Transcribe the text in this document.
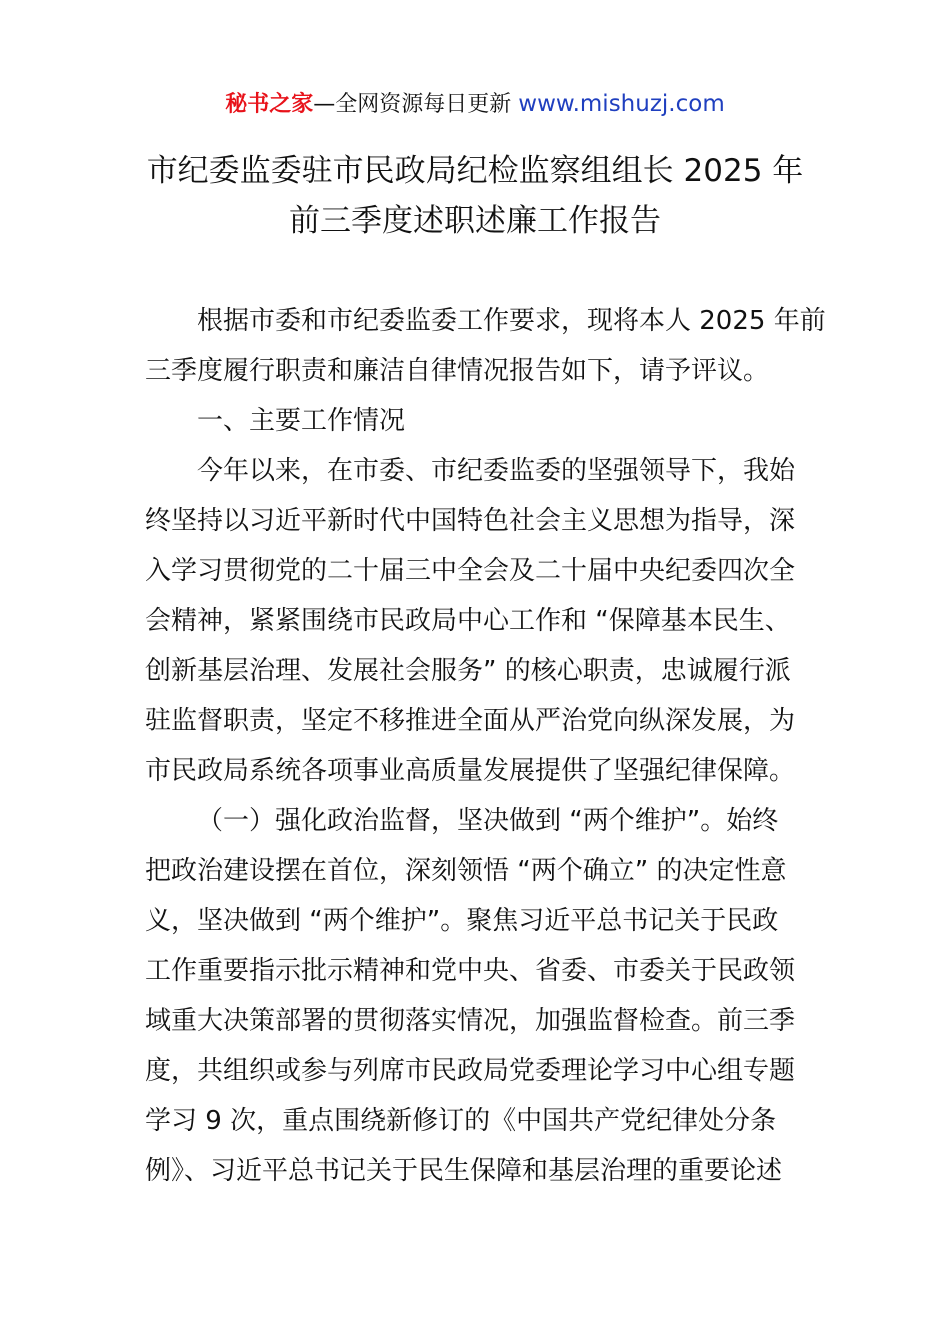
秘书之家—全网资源每日更新 www.mishuzj.com
市纪委监委驻市民政局纪检监察组组长 2025 年
前三季度述职述廉工作报告
根据市委和市纪委监委工作要求，现将本人 2025 年前
三季度履行职责和廉洁自律情况报告如下，请予评议。
一、主要工作情况
今年以来，在市委、市纪委监委的坚强领导下，我始
终坚持以习近平新时代中国特色社会主义思想为指导，深
入学习贯彻党的二十届三中全会及二十届中央纪委四次全
会精神，紧紧围绕市民政局中心工作和 “保障基本民生、
创新基层治理、发展社会服务” 的核心职责，忠诚履行派
驻监督职责，坚定不移推进全面从严治党向纵深发展，为
市民政局系统各项事业高质量发展提供了坚强纪律保障。
（一）强化政治监督，坚决做到 “两个维护”。始终
把政治建设摆在首位，深刻领悟 “两个确立” 的决定性意
义，坚决做到 “两个维护”。聚焦习近平总书记关于民政
工作重要指示批示精神和党中央、省委、市委关于民政领
域重大决策部署的贯彻落实情况，加强监督检查。前三季
度，共组织或参与列席市民政局党委理论学习中心组专题
学习 9 次，重点围绕新修订的《中国共产党纪律处分条
例》、习近平总书记关于民生保障和基层治理的重要论述
